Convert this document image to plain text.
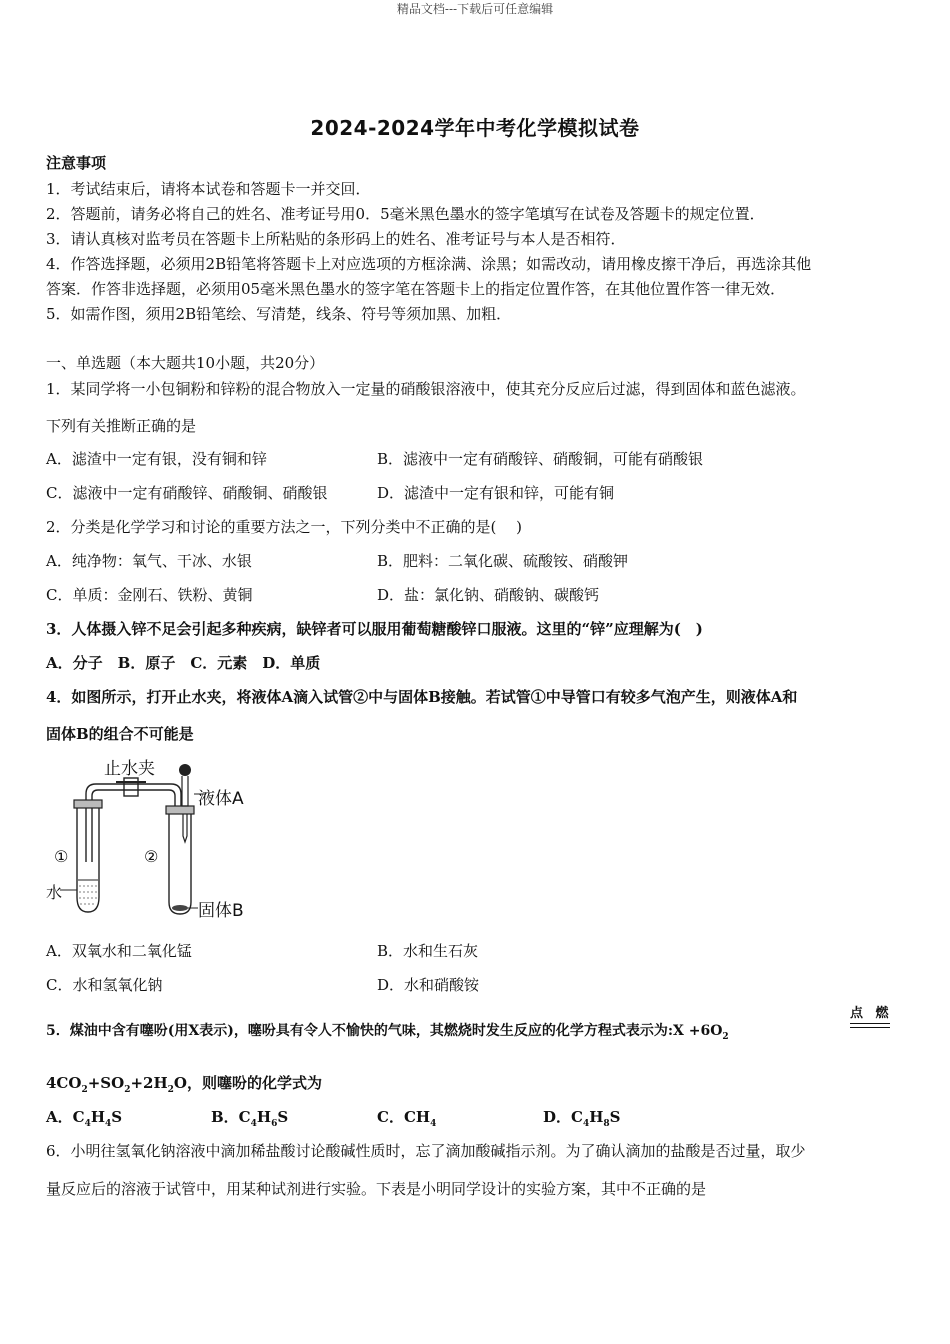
精品文档---下载后可任意编辑
2024-2024学年中考化学模拟试卷
注意事项
1．考试结束后，请将本试卷和答题卡一并交回．
2．答题前，请务必将自己的姓名、准考证号用0．5毫米黑色墨水的签字笔填写在试卷及答题卡的规定位置．
3．请认真核对监考员在答题卡上所粘贴的条形码上的姓名、准考证号与本人是否相符．
4．作答选择题，必须用2B铅笔将答题卡上对应选项的方框涂满、涂黑；如需改动，请用橡皮擦干净后，再选涂其他
答案．作答非选择题，必须用05毫米黑色墨水的签字笔在答题卡上的指定位置作答，在其他位置作答一律无效．
5．如需作图，须用2B铅笔绘、写清楚，线条、符号等须加黑、加粗．
一、单选题（本大题共10小题，共20分）
1．某同学将一小包铜粉和锌粉的混合物放入一定量的硝酸银溶液中，使其充分反应后过滤，得到固体和蓝色滤液。
下列有关推断正确的是
A．滤渣中一定有银，没有铜和锌	B．滤液中一定有硝酸锌、硝酸铜，可能有硝酸银
C．滤液中一定有硝酸锌、硝酸铜、硝酸银	D．滤渣中一定有银和锌，可能有铜
2．分类是化学学习和讨论的重要方法之一，下列分类中不正确的是(　 )
A．纯净物：氧气、干冰、水银	B．肥料：二氧化碳、硫酸铵、硝酸钾
C．单质：金刚石、铁粉、黄铜	D．盐：氯化钠、硝酸钠、碳酸钙
3．人体摄入锌不足会引起多种疾病，缺锌者可以服用葡萄糖酸锌口服液。这里的“锌”应理解为(　)
A．分子　B．原子　C．元素　D．单质
4．如图所示，打开止水夹，将液体A滴入试管②中与固体B接触。若试管①中导管口有较多气泡产生，则液体A和
固体B的组合不可能是
止水夹
液体A
①	②
水
固体B
A．双氧水和二氧化锰	B．水和生石灰
C．水和氢氧化钠	D．水和硝酸铵
5．煤油中含有噻吩(用X表示)，噻吩具有令人不愉快的气味，其燃烧时发生反应的化学方程式表示为:X $+6O_2$
点 燃
$4CO_2+SO_2+2H_2O$，则噻吩的化学式为
A．$C_4H_4S$	B．$C_4H_6S$	C．$CH_4$	D．$C_4H_8S$
6．小明往氢氧化钠溶液中滴加稀盐酸讨论酸碱性质时，忘了滴加酸碱指示剂。为了确认滴加的盐酸是否过量，取少
量反应后的溶液于试管中，用某种试剂进行实验。下表是小明同学设计的实验方案，其中不正确的是
